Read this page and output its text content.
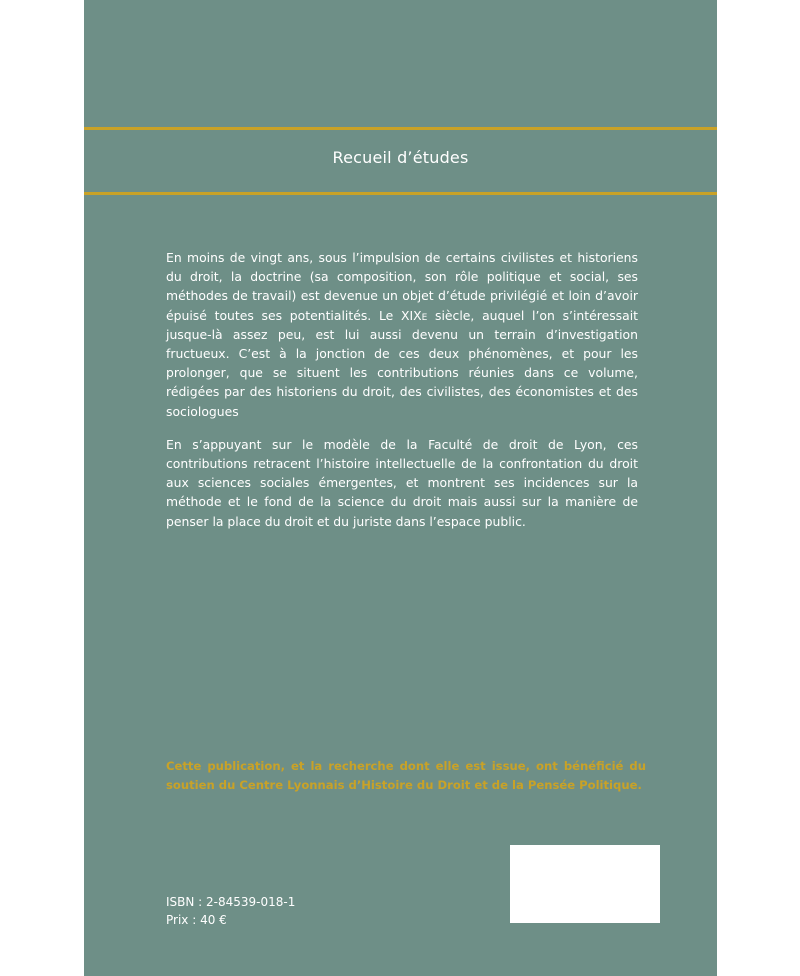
Recueil d’études

En moins de vingt ans, sous l’impulsion de certains civilistes et historiens du droit, la doctrine (sa composition, son rôle politique et social, ses méthodes de travail) est devenue un objet d’étude privilégié et loin d’avoir épuisé toutes ses potentialités. Le XIXe siècle, auquel l’on s’intéressait jusque-là assez peu, est lui aussi devenu un terrain d’investigation fructueux. C’est à la jonction de ces deux phénomènes, et pour les prolonger, que se situent les contributions réunies dans ce volume, rédigées par des historiens du droit, des civilistes, des économistes et des sociologues

En s’appuyant sur le modèle de la Faculté de droit de Lyon, ces contributions retracent l’histoire intellectuelle de la confrontation du droit aux sciences sociales émergentes, et montrent ses incidences sur la méthode et le fond de la science du droit mais aussi sur la manière de penser la place du droit et du juriste dans l’espace public.

Cette publication, et la recherche dont elle est issue, ont bénéficié du soutien du Centre Lyonnais d’Histoire du Droit et de la Pensée Politique.
ISBN : 2-84539-018-1
Prix : 40 €
